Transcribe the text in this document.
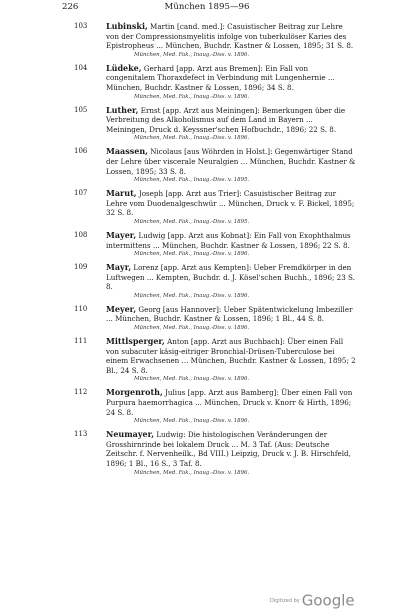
226	München 1895—96
103 Lubinski, Martin [cand. med.]: Casuistischer Beitrag zur Lehre von der Compressionsmyelitis infolge von tuberkulöser Karies des Epistropheus ... München, Buchdr. Kastner & Lossen, 1895; 31 S. 8.
München, Med. Fak., Inaug.-Diss. v. 1896.
104 Lüdeke, Gerhard [app. Arzt aus Bremen]: Ein Fall von congenitalem Thoraxdefect in Verbindung mit Lungenhernie ... München, Buchdr. Kastner & Lossen, 1896; 34 S. 8.
München, Med. Fak., Inaug.-Diss. v. 1896.
105 Luther, Ernst [app. Arzt aus Meiningen]: Bemerkungen über die Verbreitung des Alkoholismus auf dem Land in Bayern ... Meiningen, Druck d. Keyssner'schen Hofbuchdr., 1896; 22 S. 8.
München, Med. Fak., Inaug.-Diss. v. 1896.
106 Maassen, Nicolaus [aus Wöhrden in Holst.]: Gegenwärtiger Stand der Lehre über viscerale Neuralgien ... München, Buchdr. Kastner & Lossen, 1895; 33 S. 8.
München, Med. Fak., Inaug.-Diss. v. 1895.
107 Marut, Joseph [app. Arzt aus Trier]: Casuistischer Beitrag zur Lehre vom Duodenalgeschwür ... München, Druck v. F. Bickel, 1895; 32 S. 8.
München, Med. Fak., Inaug.-Diss. v. 1895.
108 Mayer, Ludwig [app. Arzt aus Kobnat]: Ein Fall von Exophthalmus intermittens ... München, Buchdr. Kastner & Lossen, 1896; 22 S. 8.
München, Med. Fak., Inaug.-Diss. v. 1896.
109 Mayr, Lorenz [app. Arzt aus Kempten]: Ueber Fremdkörper in den Luftwegen ... Kempten, Buchdr. d. J. Kösel'schen Buchh., 1896; 23 S. 8.
München, Med. Fak., Inaug.-Diss. v. 1896.
110 Meyer, Georg [aus Hannover]: Ueber Spätentwickelung Imbeziller ... München, Buchdr. Kastner & Lossen, 1896; 1 Bl., 44 S. 8.
München, Med. Fak., Inaug.-Diss. v. 1896.
111 Mittlsperger, Anton [app. Arzt aus Buchbach]: Über einen Fall von subacuter käsig-eitriger Bronchial-Drüsen-Tuberculose bei einem Erwachsenen ... München, Buchdr. Kastner & Lossen, 1895; 2 Bl., 24 S. 8.
München, Med. Fak., Inaug.-Diss. v. 1896.
112 Morgenroth, Julius [app. Arzt aus Bamberg]: Über einen Fall von Purpura haemorrhagica ... München, Druck v. Knorr & Hirth, 1896; 24 S. 8.
München, Med. Fak., Inaug.-Diss. v. 1896.
113 Neumayer, Ludwig: Die histologischen Veränderungen der Grosshirnrinde bei lokalem Druck ... M. 3 Taf. (Aus: Deutsche Zeitschr. f. Nervenheilk., Bd VIII.) Leipzig, Druck v. J. B. Hirschfeld, 1896; 1 Bl., 16 S., 3 Taf. 8.
München, Med. Fak., Inaug.-Diss. v. 1896.
Digitized by Google
